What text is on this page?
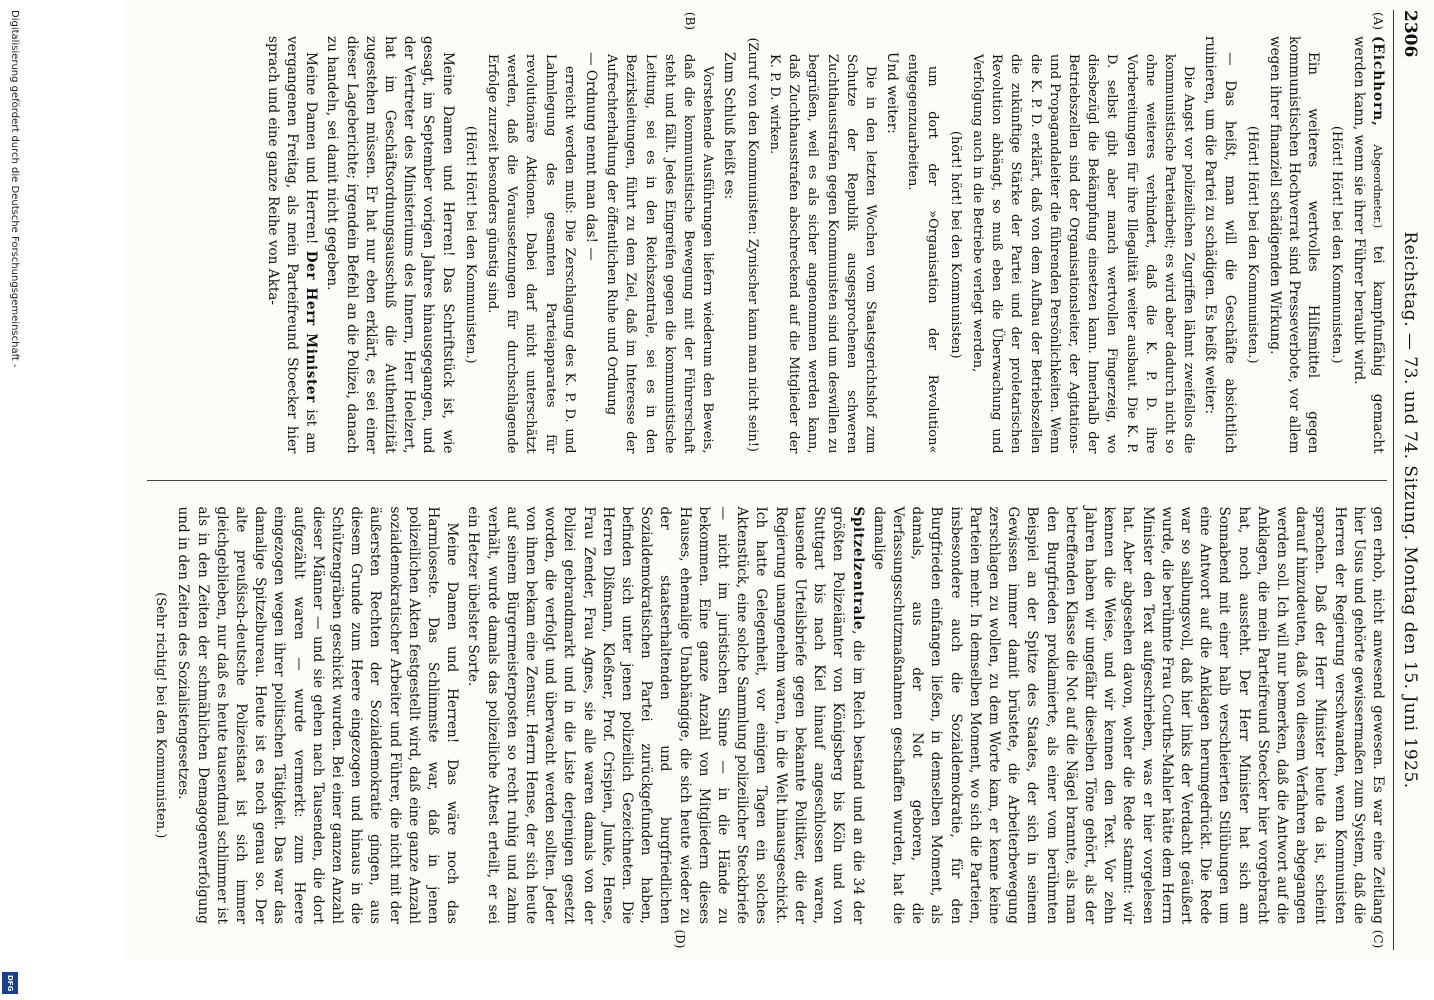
2306
Reichstag. — 73. und 74. Sitzung. Montag den 15. Juni 1925.
(A)
(B)
(C)
(D)

(Eichhorn, Abgeordneter.) tei kampfunfähig gemacht werden kann, wenn sie ihrer Führer beraubt wird.

(Hört! Hört! bei den Kommunisten.)

Ein weiteres wertvolles Hilfsmittel gegen kommunistischen Hochverrat sind Presseverbote, vor allem wegen ihrer finanziell schädigenden Wirkung.

(Hört! Hört! bei den Kommunisten.)

— Das heißt, man will die Geschäfte absichtlich ruinieren, um die Partei zu schädigen. Es heißt weiter:

Die Angst vor polizeilichen Zugriffen lähmt zweifellos die kommunistische Parteiarbeit; es wird aber dadurch nicht so ohne weiteres verhindert, daß die K. P. D. ihre Vorbereitungen für ihre Illegalität weiter ausbaut. Die K. P. D. selbst gibt aber manch wertvollen Fingerzeig, wo diesbezügl die Bekämpfung einsetzen kann. Innerhalb der Betriebszellen sind der Organisationsleiter, der Agitations- und Propagandaleiter die führenden Persönlichkeiten. Wenn die K. P. D. erklärt, daß von dem Aufbau der Betriebszellen die zukünftige Stärke der Partei und der proletarischen Revolution abhängt, so muß eben die Überwachung und Verfolgung auch in die Betriebe verlegt werden,

(hört! hört! bei den Kommunisten)

um dort der »Organisation der Revolution« entgegenzuarbeiten.

Und weiter:

Die in den letzten Wochen vom Staatsgerichtshof zum Schutze der Republik ausgesprochenen schweren Zuchthausstrafen gegen Kommunisten sind um deswillen zu begrüßen, weil es als sicher angenommen werden kann, daß Zuchthausstrafen abschreckend auf die Mitglieder der K. P. D. wirken.

(Zuruf von den Kommunisten: Zynischer kann man nicht sein!)

Zum Schluß heißt es:

Vorstehende Ausführungen liefern wiederum den Beweis, daß die kommunistische Bewegung mit der Führerschaft steht und fällt. Jedes Eingreifen gegen die kommunistische Leitung, sei es in den Reichszentrale, sei es in den Bezirksleitungen, führt zu dem Ziel, daß im Interesse der Aufrechterhaltung der öffentlichen Ruhe und Ordnung

— Ordnung nennt man das! —

erreicht werden muß: Die Zerschlagung des K. P. D. und Lahmlegung des gesamten Parteiapparates für revolutionäre Aktionen. Dabei darf nicht unterschätzt werden, daß die Voraussetzungen für durchschlagende Erfolge zurzeit besonders günstig sind.

(Hört! Hört! bei den Kommunisten.)

Meine Damen und Herren! Das Schriftstück ist, wie gesagt, im September vorigen Jahres hinausgegangen, und der Vertreter des Ministeriums des Innern, Herr Hoelzert, hat im Geschäftsordnungsausschuß die Authentizität zugestehen müssen. Er hat nur eben erklärt, es sei einer dieser Lageberichte; irgendein Befehl an die Polizei, danach zu handeln, sei damit nicht gegeben.

Meine Damen und Herren! Der Herr Minister ist am vergangenen Freitag, als mein Parteifreund Stoecker hier sprach und eine ganze Reihe von Akta-

gen erhob, nicht anwesend gewesen. Es war eine Zeitlang hier Usus und gehörte gewissermaßen zum System, daß die Herren der Regierung verschwanden, wenn Kommunisten sprachen. Daß der Herr Minister heute da ist, scheint darauf hinzudeuten, daß von diesem Verfahren abgegangen werden soll. Ich will nur bemerken, daß die Antwort auf die Anklagen, die mein Parteifreund Stoecker hier vorgebracht hat, noch aussteht. Der Herr Minister hat sich am Sonnabend mit einer halb verschleierten Stilübungen um eine Antwort auf die Anklagen herumgedrückt. Die Rede war so salbungsvoll, daß hier links der Verdacht geäußert wurde, die berühmte Frau Courths-Mahler hätte dem Herrn Minister den Text aufgeschrieben, was er hier vorgelesen hat. Aber abgesehen davon, woher die Rede stammt: wir kennen die Weise, und wir kennen den Text. Vor zehn Jahren haben wir ungefähr dieselben Töne gehört, als der betreffenden Klasse die Not auf die Nägel brannte, als man den Burgfrieden proklamierte, als einer vom berühmten Beispiel an der Spitze des Staates, der sich in seinem Gewissen immer damit brüstete, die Arbeiterbewegung zerschlagen zu wollen, zu dem Worte kam, er kenne keine Parteien mehr. In demselben Moment, wo sich die Parteien, insbesondere auch die Sozialdemokratie, für den Burgfrieden einfangen ließen, in demselben Moment, als damals, aus der Not geboren, die Verfassungsschutzmaßnahmen geschaffen wurden, hat die damalige

Spitzelzentrale, die im Reich bestand und an die 34 der größten Polizeiämter von Königsberg bis Köln und von Stuttgart bis nach Kiel hinauf angeschlossen waren, tausende Urteilsbriefe gegen bekannte Politiker, die der Regierung unangenehm waren, in die Welt hinausgeschickt. Ich hatte Gelegenheit, vor einigen Tagen ein solches Aktenstück, eine solche Sammlung polizeilicher Steckbriefe — nicht im juristischen Sinne — in die Hände zu bekommen. Eine ganze Anzahl von Mitgliedern dieses Hauses, ehemalige Unabhängige, die sich heute wieder zu der staatserhaltenden und burgfriedlichen Sozialdemokratischen Partei zurückgefunden haben, befinden sich unter jenen polizeilich Gezeichneten. Die Herren Dißmann, Kleßner, Prof. Crispien, Junke, Hense, Frau Zender, Frau Agnes, sie alle waren damals von der Polizei gebrandmarkt und in die Liste derjenigen gesetzt worden, die verfolgt und überwacht werden sollten. Jeder von ihnen bekam eine Zensur. Herrn Hense, der sich heute auf seinem Bürgermeisterposten so recht ruhig und zahm verhält, wurde damals das polizeiliche Attest erteilt, er sei ein Hetzer übelster Sorte.

Meine Damen und Herren! Das wäre noch das Harmloseste. Das Schlimmste war, daß in jenen polizeilichen Akten festgestellt wird, daß eine ganze Anzahl sozialdemokratischer Arbeiter und Führer, die nicht mit der äußersten Rechten der Sozialdemokratie gingen, aus diesem Grunde zum Heere eingezogen und hinaus in die Schützengräben geschickt wurden. Bei einer ganzen Anzahl dieser Männer — und sie gehen nach Tausenden, die dort aufgezählt waren — wurde vermerkt: zum Heere eingezogen wegen ihrer politischen Tätigkeit. Das war das damalige Spitzelbureau. Heute ist es noch genau so. Der alte preußisch-deutsche Polizeistaat ist sich immer gleichgeblieben, nur daß es heute tausendmal schlimmer ist als in den Zeiten der schmählichen Demagogenverfolgung und in den Zeiten des Sozialistengesetzes.

(Sehr richtig! bei den Kommunisten.)

Digitalisierung gefördert durch die Deutsche Forschungsgemeinschaft -
DFG
